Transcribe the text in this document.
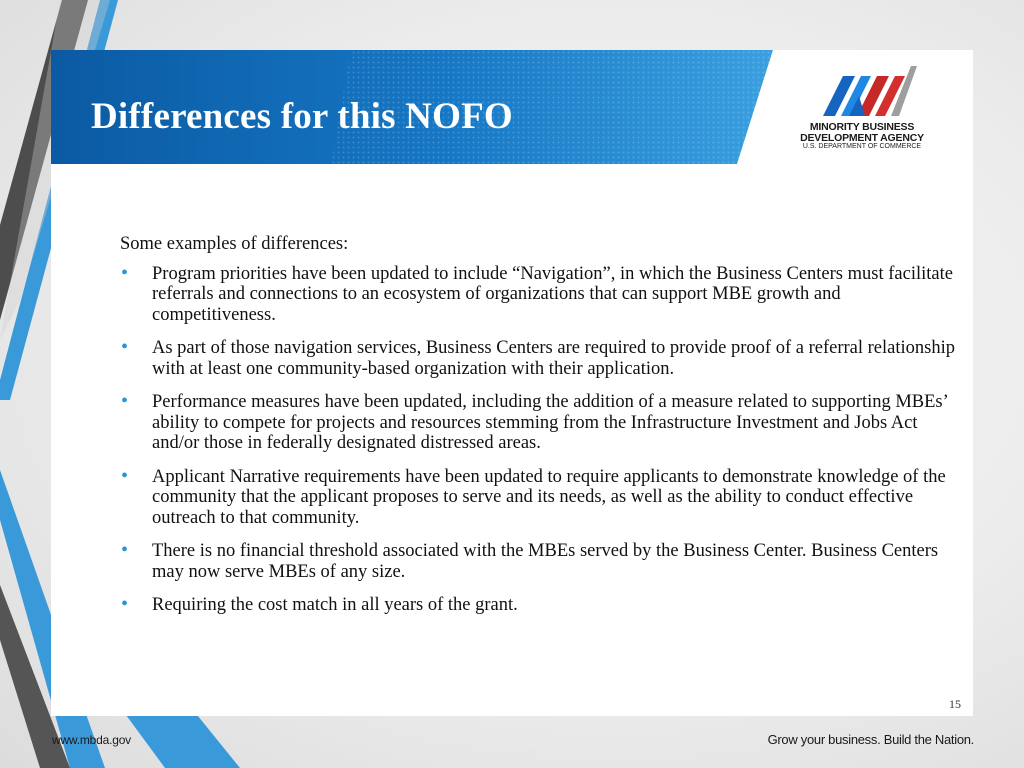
Differences for this NOFO	MINORITY BUSINESS
DEVELOPMENT AGENCY
U.S. DEPARTMENT OF COMMERCE

Some examples of differences:

• Program priorities have been updated to include “Navigation”, in which the Business Centers must facilitate referrals and connections to an ecosystem of organizations that can support MBE growth and competitiveness.
• As part of those navigation services, Business Centers are required to provide proof of a referral relationship with at least one community-based organization with their application.
• Performance measures have been updated, including the addition of a measure related to supporting MBEs’ ability to compete for projects and resources stemming from the Infrastructure Investment and Jobs Act and/or those in federally designated distressed areas.
• Applicant Narrative requirements have been updated to require applicants to demonstrate knowledge of the community that the applicant proposes to serve and its needs, as well as the ability to conduct effective outreach to that community.
• There is no financial threshold associated with the MBEs served by the Business Center. Business Centers may now serve MBEs of any size.
• Requiring the cost match in all years of the grant.
15
www.mbda.gov	Grow your business. Build the Nation.
